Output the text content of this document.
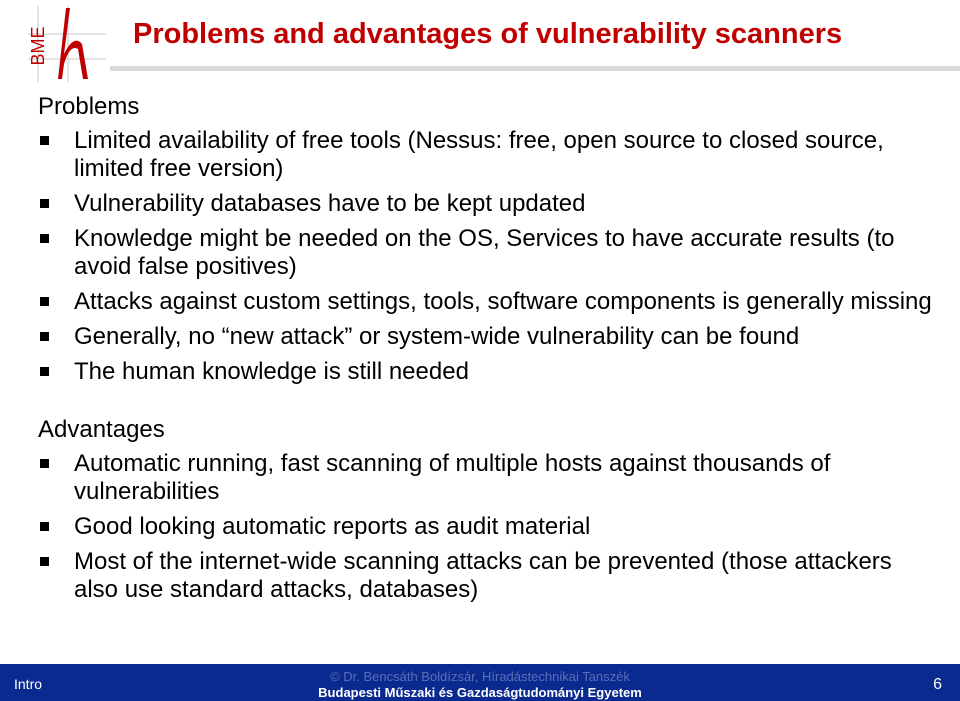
BME	Problems and advantages of vulnerability scanners
Problems
Limited availability of free tools (Nessus: free, open source to closed source, limited free version)
Vulnerability databases have to be kept updated
Knowledge might be needed on the OS, Services to have accurate results (to avoid false positives)
Attacks against custom settings, tools, software components is generally missing
Generally, no “new attack” or system-wide vulnerability can be found
The human knowledge is still needed
Advantages
Automatic running, fast scanning of multiple hosts against thousands of vulnerabilities
Good looking automatic reports as audit material
Most of the internet-wide scanning attacks can be prevented (those attackers also use standard attacks, databases)
Intro	© Dr. Bencsáth Boldízsár, Híradástechnikai Tanszék
Budapesti Műszaki és Gazdaságtudományi Egyetem	6
